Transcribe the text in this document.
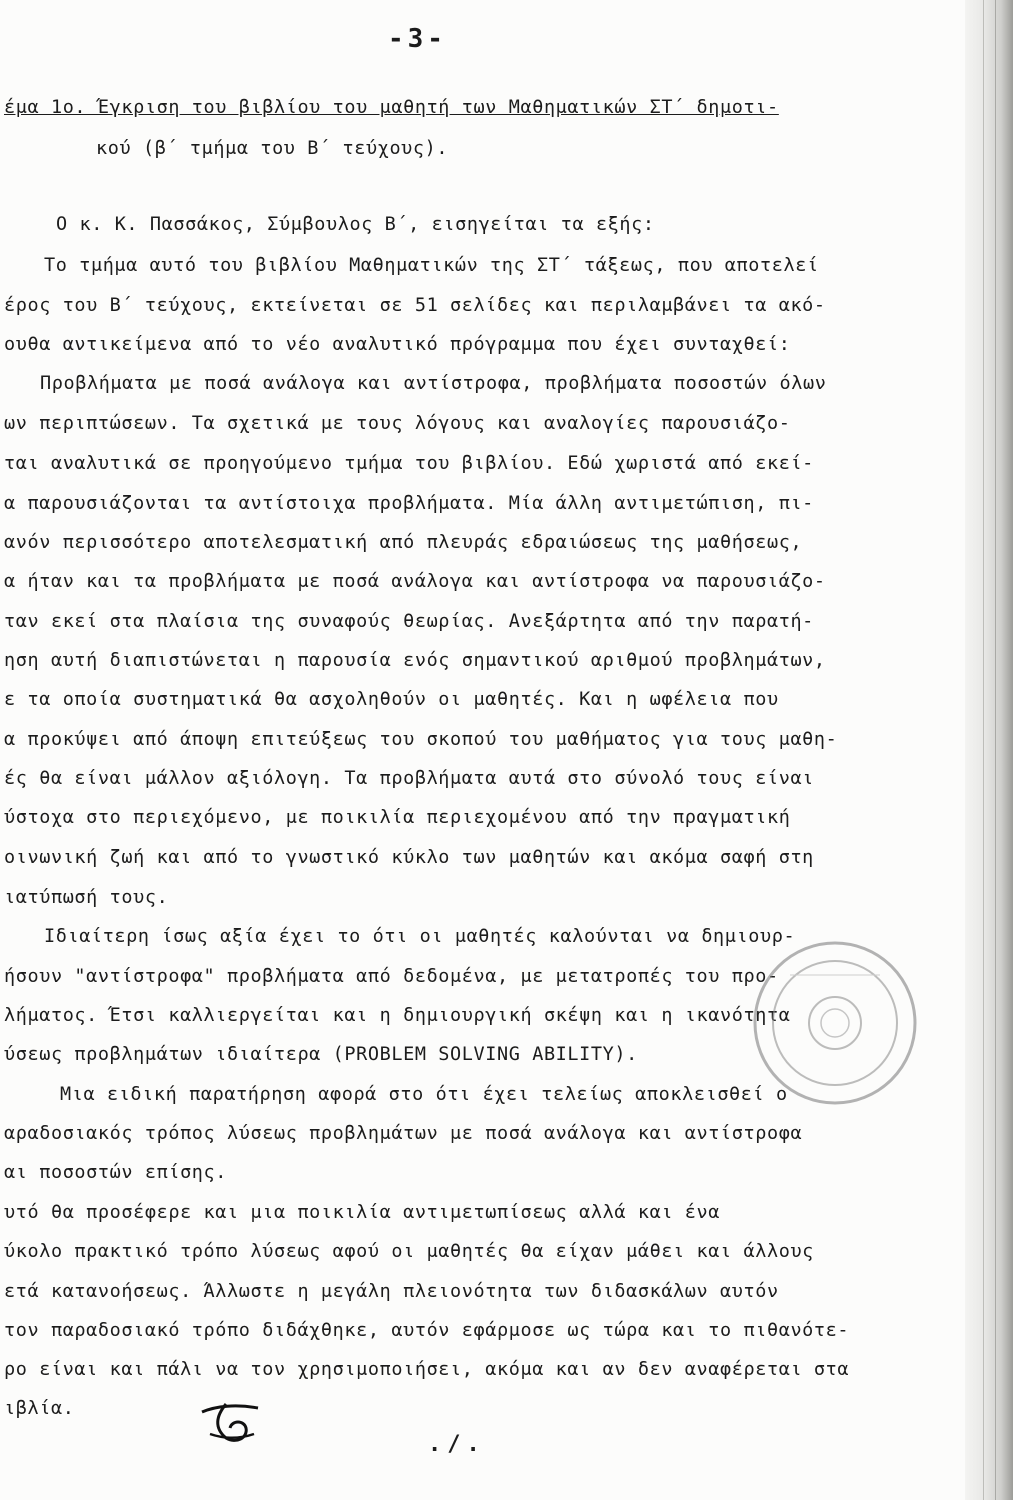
-3-
έμα 1ο. Έγκριση του βιβλίου του μαθητή των Μαθηματικών ΣΤ΄ δημοτι-
κού (β΄ τμήμα του Β΄ τεύχους).
Ο κ. Κ. Πασσάκος, Σύμβουλος Β΄, εισηγείται τα εξής:
Το τμήμα αυτό του βιβλίου Μαθηματικών της ΣΤ΄ τάξεως, που αποτελεί
έρος του Β΄ τεύχους, εκτείνεται σε 51 σελίδες και περιλαμβάνει τα ακό-
ουθα αντικείμενα από το νέο αναλυτικό πρόγραμμα που έχει συνταχθεί:
Προβλήματα με ποσά ανάλογα και αντίστροφα, προβλήματα ποσοστών όλων
ων περιπτώσεων. Τα σχετικά με τους λόγους και αναλογίες παρουσιάζο-
ται αναλυτικά σε προηγούμενο τμήμα του βιβλίου. Εδώ χωριστά από εκεί-
α παρουσιάζονται τα αντίστοιχα προβλήματα. Μία άλλη αντιμετώπιση, πι-
ανόν περισσότερο αποτελεσματική από πλευράς εδραιώσεως της μαθήσεως,
α ήταν και τα προβλήματα με ποσά ανάλογα και αντίστροφα να παρουσιάζο-
ταν εκεί στα πλαίσια της συναφούς θεωρίας. Ανεξάρτητα από την παρατή-
ηση αυτή διαπιστώνεται η παρουσία ενός σημαντικού αριθμού προβλημάτων,
ε τα οποία συστηματικά θα ασχοληθούν οι μαθητές. Και η ωφέλεια που
α προκύψει από άποψη επιτεύξεως του σκοπού του μαθήματος για τους μαθη-
ές θα είναι μάλλον αξιόλογη. Τα προβλήματα αυτά στο σύνολό τους είναι
ύστοχα στο περιεχόμενο, με ποικιλία περιεχομένου από την πραγματική
οινωνική ζωή και από το γνωστικό κύκλο των μαθητών και ακόμα σαφή στη
ιατύπωσή τους.
Ιδιαίτερη ίσως αξία έχει το ότι οι μαθητές καλούνται να δημιουρ-
ήσουν "αντίστροφα" προβλήματα από δεδομένα, με μετατροπές του προ-
λήματος. Έτσι καλλιεργείται και η δημιουργική σκέψη και η ικανότητα
ύσεως προβλημάτων ιδιαίτερα (PROBLEM SOLVING ABILITY).
Μια ειδική παρατήρηση αφορά στο ότι έχει τελείως αποκλεισθεί ο
αραδοσιακός τρόπος λύσεως προβλημάτων με ποσά ανάλογα και αντίστροφα
αι ποσοστών επίσης.
υτό θα προσέφερε και μια ποικιλία αντιμετωπίσεως αλλά και ένα
ύκολο πρακτικό τρόπο λύσεως αφού οι μαθητές θα είχαν μάθει και άλλους
ετά κατανοήσεως. Άλλωστε η μεγάλη πλειονότητα των διδασκάλων αυτόν
τον παραδοσιακό τρόπο διδάχθηκε, αυτόν εφάρμοσε ως τώρα και το πιθανότε-
ρο είναι και πάλι να τον χρησιμοποιήσει, ακόμα και αν δεν αναφέρεται στα
ιβλία.
./.
